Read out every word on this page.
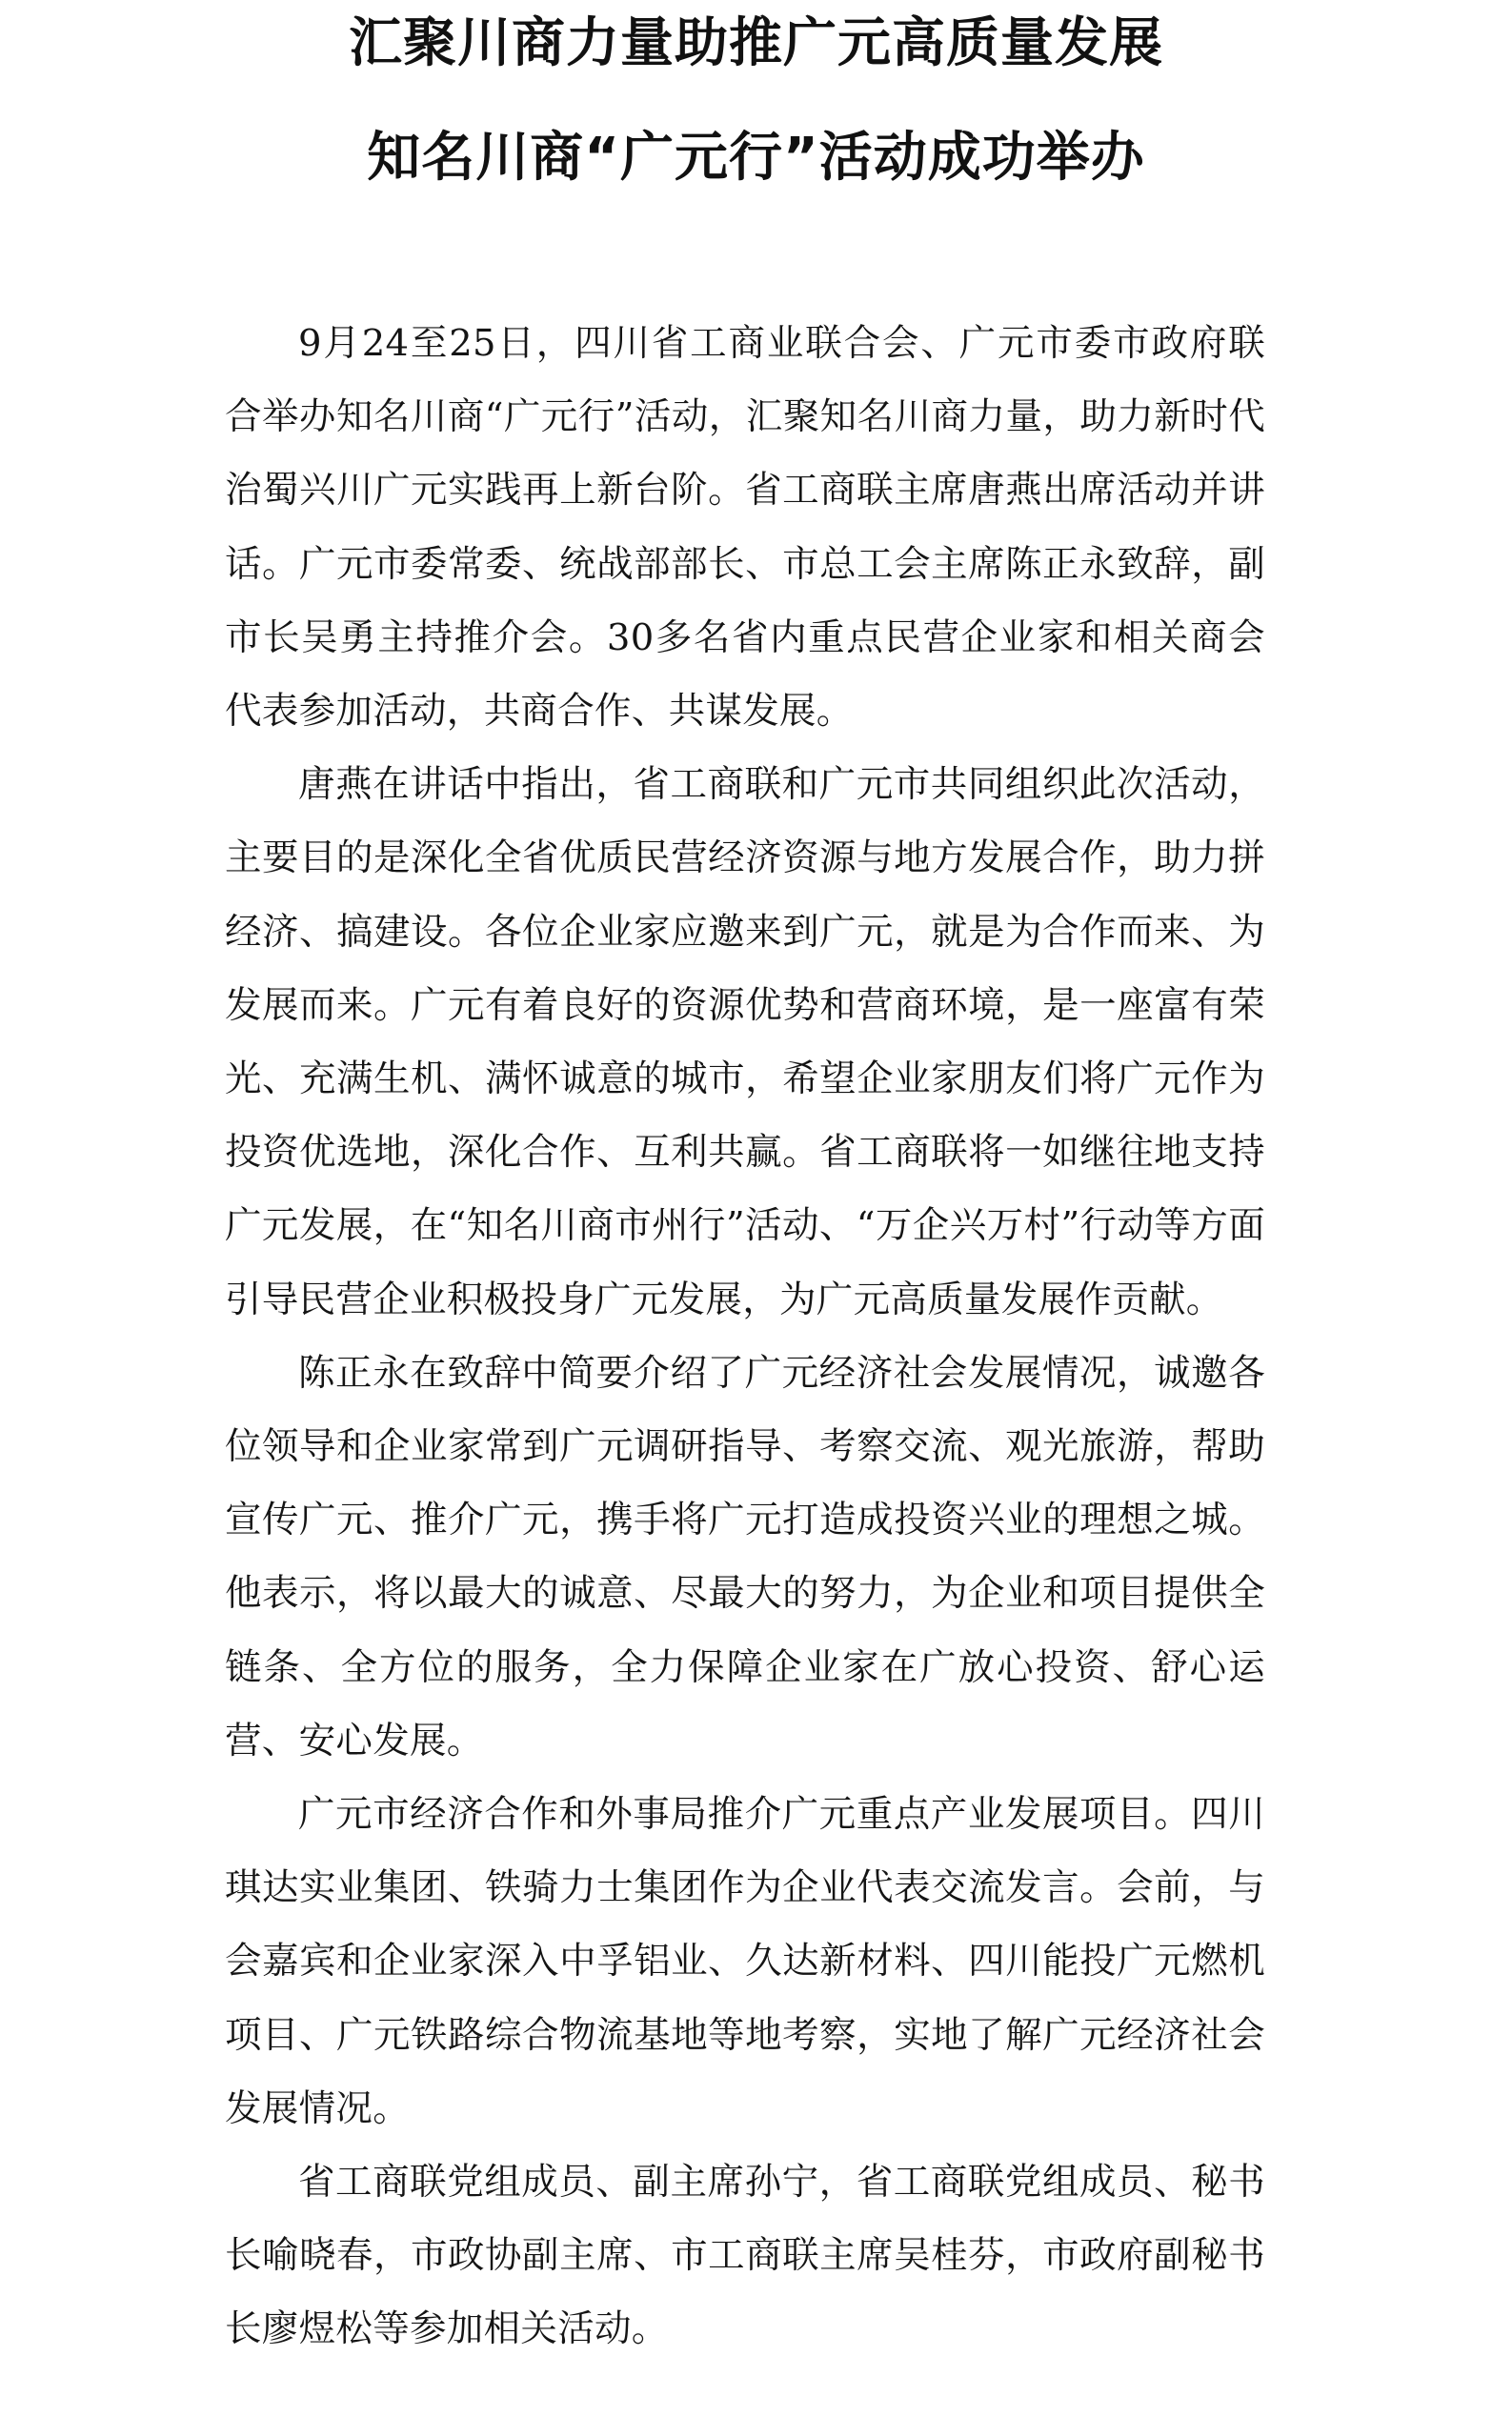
汇聚川商力量助推广元高质量发展
知名川商“广元行”活动成功举办

9月24至25日，四川省工商业联合会、广元市委市政府联合举办知名川商“广元行”活动，汇聚知名川商力量，助力新时代治蜀兴川广元实践再上新台阶。省工商联主席唐燕出席活动并讲话。广元市委常委、统战部部长、市总工会主席陈正永致辞，副市长吴勇主持推介会。30多名省内重点民营企业家和相关商会代表参加活动，共商合作、共谋发展。

唐燕在讲话中指出，省工商联和广元市共同组织此次活动，主要目的是深化全省优质民营经济资源与地方发展合作，助力拼经济、搞建设。各位企业家应邀来到广元，就是为合作而来、为发展而来。广元有着良好的资源优势和营商环境，是一座富有荣光、充满生机、满怀诚意的城市，希望企业家朋友们将广元作为投资优选地，深化合作、互利共赢。省工商联将一如继往地支持广元发展，在“知名川商市州行”活动、“万企兴万村”行动等方面引导民营企业积极投身广元发展，为广元高质量发展作贡献。

陈正永在致辞中简要介绍了广元经济社会发展情况，诚邀各位领导和企业家常到广元调研指导、考察交流、观光旅游，帮助宣传广元、推介广元，携手将广元打造成投资兴业的理想之城。他表示，将以最大的诚意、尽最大的努力，为企业和项目提供全链条、全方位的服务，全力保障企业家在广放心投资、舒心运营、安心发展。

广元市经济合作和外事局推介广元重点产业发展项目。四川琪达实业集团、铁骑力士集团作为企业代表交流发言。会前，与会嘉宾和企业家深入中孚铝业、久达新材料、四川能投广元燃机项目、广元铁路综合物流基地等地考察，实地了解广元经济社会发展情况。

省工商联党组成员、副主席孙宁，省工商联党组成员、秘书长喻晓春，市政协副主席、市工商联主席吴桂芬，市政府副秘书长廖煜松等参加相关活动。
